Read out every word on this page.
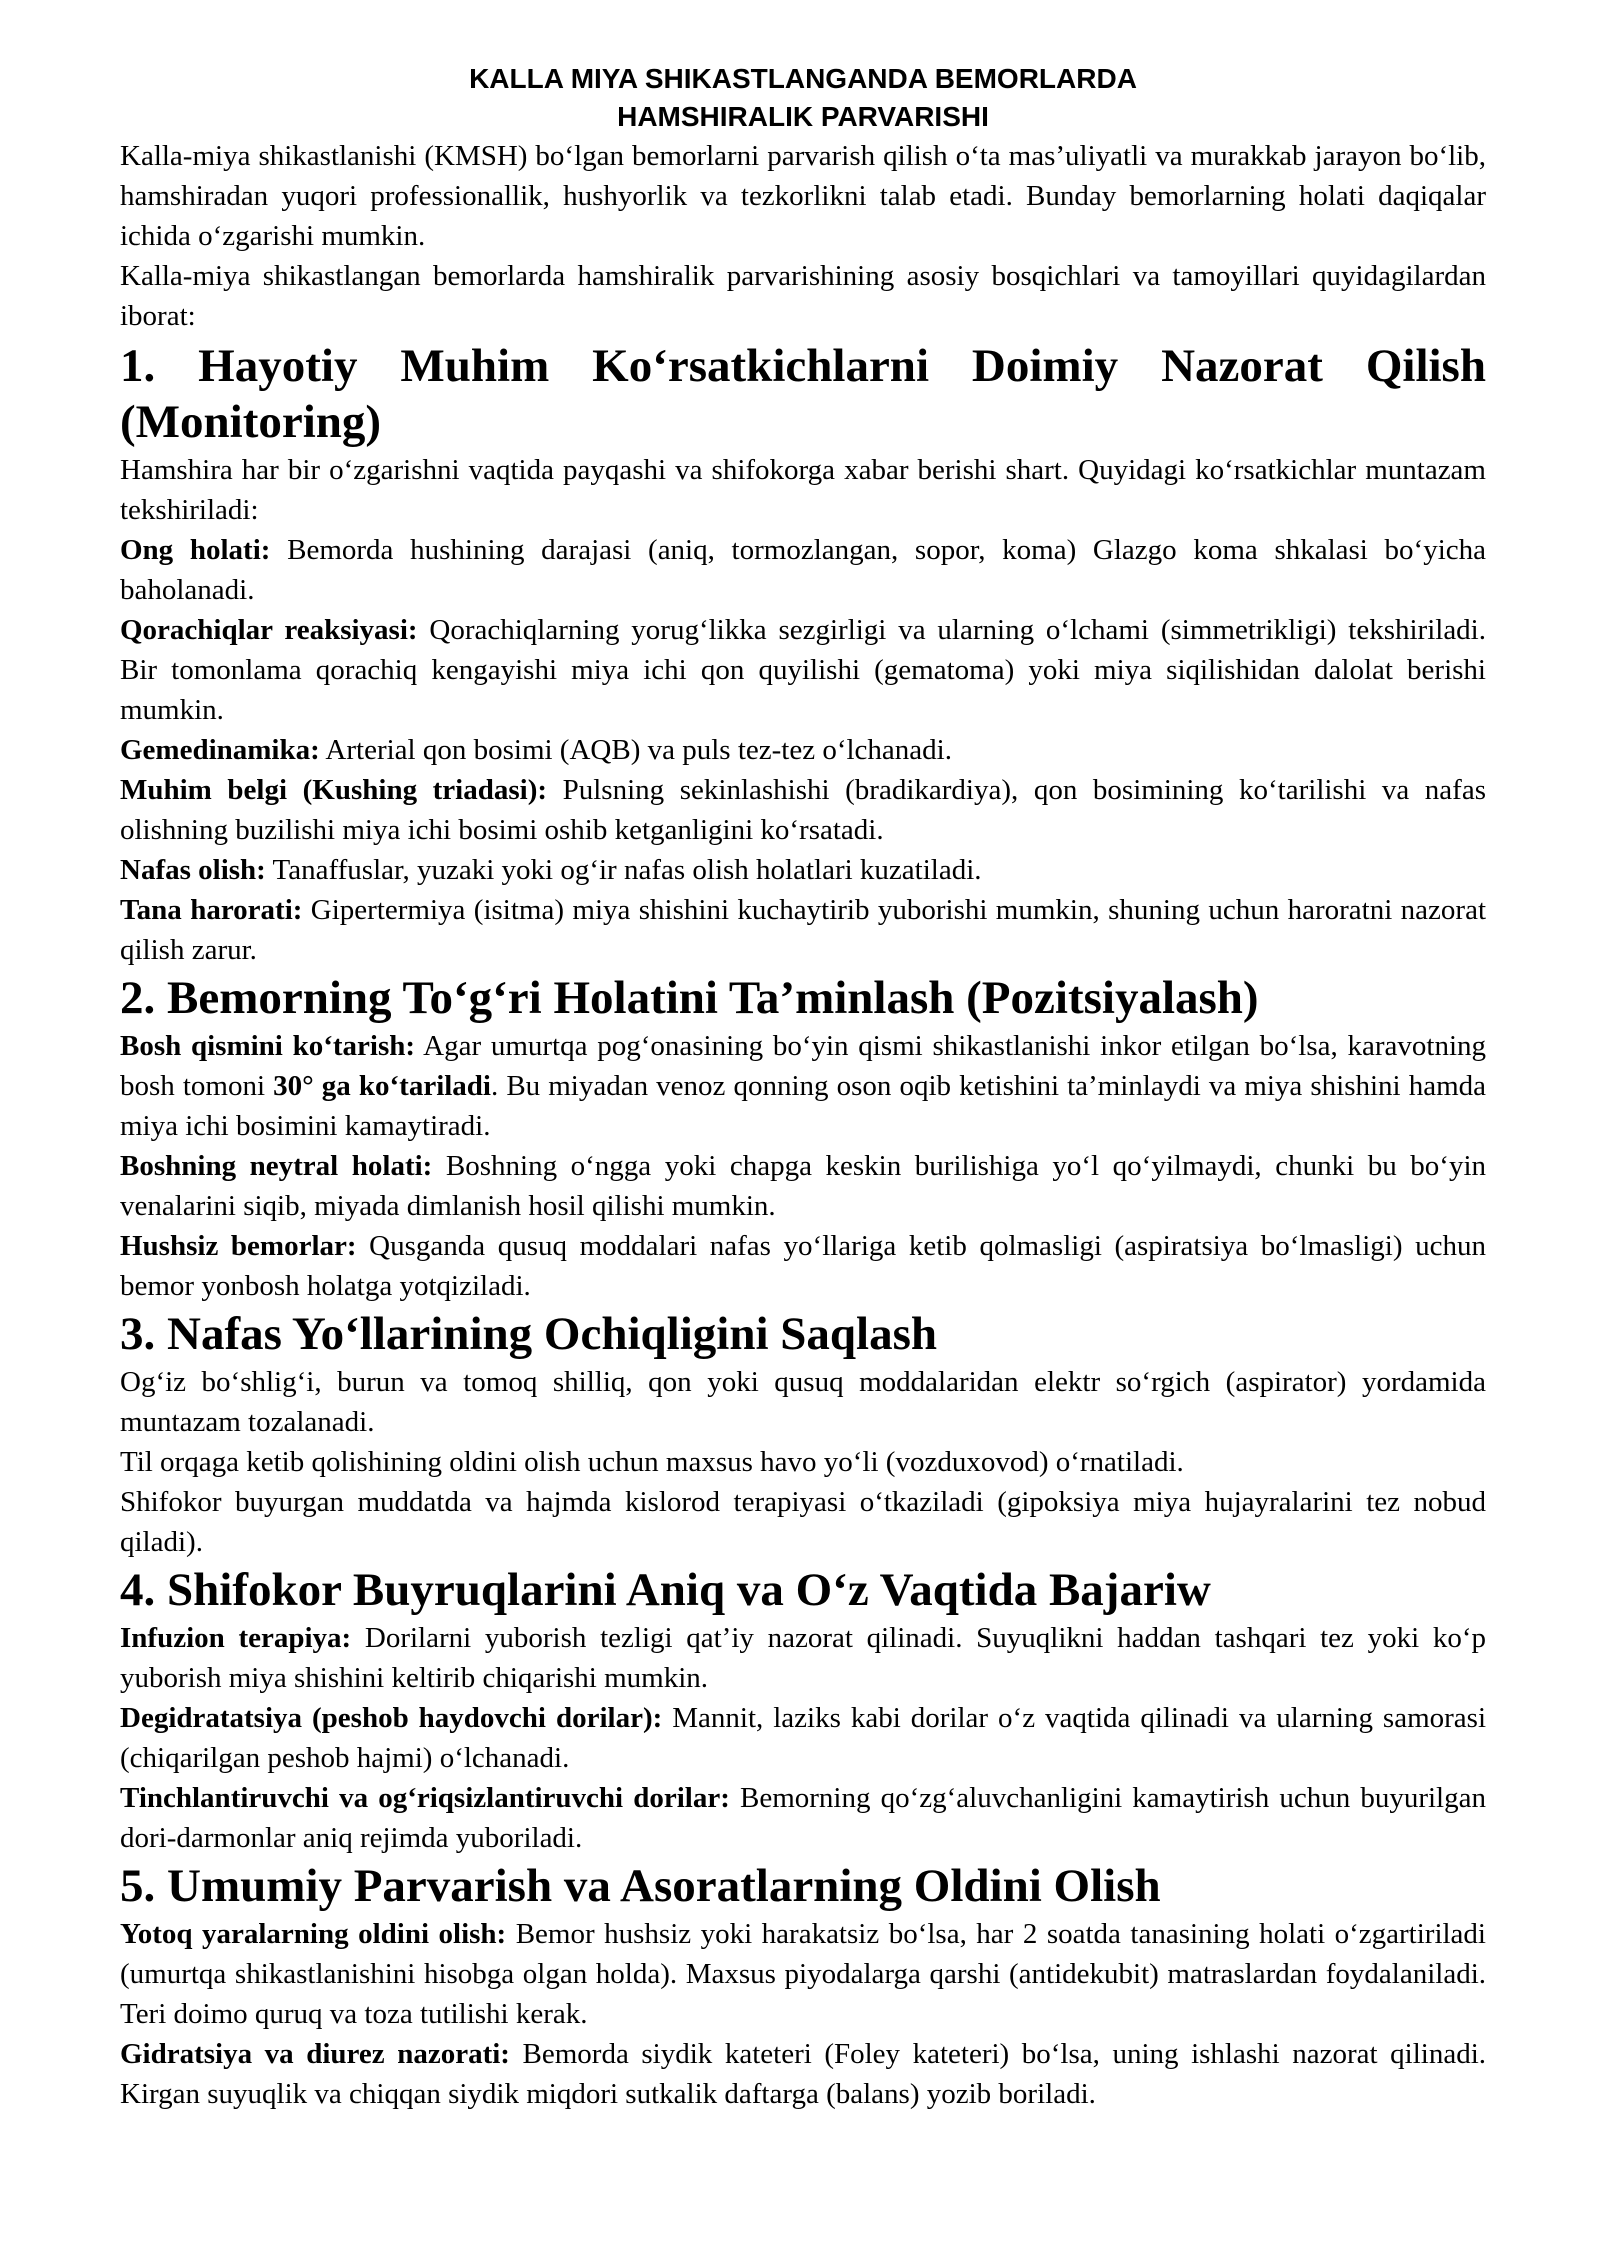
KALLA MIYA SHIKASTLANGANDA BEMORLARDA
HAMSHIRALIK PARVARISHI

Kalla-miya shikastlanishi (KMSH) bo‘lgan bemorlarni parvarish qilish o‘ta mas’uliyatli va murakkab jarayon bo‘lib, hamshiradan yuqori professionallik, hushyorlik va tezkorlikni talab etadi. Bunday bemorlarning holati daqiqalar ichida o‘zgarishi mumkin.

Kalla-miya shikastlangan bemorlarda hamshiralik parvarishining asosiy bosqichlari va tamoyillari quyidagilardan iborat:

1. Hayotiy Muhim Ko‘rsatkichlarni Doimiy Nazorat Qilish (Monitoring)

Hamshira har bir o‘zgarishni vaqtida payqashi va shifokorga xabar berishi shart. Quyidagi ko‘rsatkichlar muntazam tekshiriladi:

Ong holati: Bemorda hushining darajasi (aniq, tormozlangan, sopor, koma) Glazgo koma shkalasi bo‘yicha baholanadi.

Qorachiqlar reaksiyasi: Qorachiqlarning yorug‘likka sezgirligi va ularning o‘lchami (simmetrikligi) tekshiriladi. Bir tomonlama qorachiq kengayishi miya ichi qon quyilishi (gematoma) yoki miya siqilishidan dalolat berishi mumkin.

Gemedinamika: Arterial qon bosimi (AQB) va puls tez-tez o‘lchanadi.

Muhim belgi (Kushing triadasi): Pulsning sekinlashishi (bradikardiya), qon bosimining ko‘tarilishi va nafas olishning buzilishi miya ichi bosimi oshib ketganligini ko‘rsatadi.

Nafas olish: Tanaffuslar, yuzaki yoki og‘ir nafas olish holatlari kuzatiladi.

Tana harorati: Gipertermiya (isitma) miya shishini kuchaytirib yuborishi mumkin, shuning uchun haroratni nazorat qilish zarur.

2. Bemorning To‘g‘ri Holatini Ta’minlash (Pozitsiyalash)

Bosh qismini ko‘tarish: Agar umurtqa pog‘onasining bo‘yin qismi shikastlanishi inkor etilgan bo‘lsa, karavotning bosh tomoni 30° ga ko‘tariladi. Bu miyadan venoz qonning oson oqib ketishini ta’minlaydi va miya shishini hamda miya ichi bosimini kamaytiradi.

Boshning neytral holati: Boshning o‘ngga yoki chapga keskin burilishiga yo‘l qo‘yilmaydi, chunki bu bo‘yin venalarini siqib, miyada dimlanish hosil qilishi mumkin.

Hushsiz bemorlar: Qusganda qusuq moddalari nafas yo‘llariga ketib qolmasligi (aspiratsiya bo‘lmasligi) uchun bemor yonbosh holatga yotqiziladi.

3. Nafas Yo‘llarining Ochiqligini Saqlash

Og‘iz bo‘shlig‘i, burun va tomoq shilliq, qon yoki qusuq moddalaridan elektr so‘rgich (aspirator) yordamida muntazam tozalanadi.

Til orqaga ketib qolishining oldini olish uchun maxsus havo yo‘li (vozduxovod) o‘rnatiladi.

Shifokor buyurgan muddatda va hajmda kislorod terapiyasi o‘tkaziladi (gipoksiya miya hujayralarini tez nobud qiladi).

4. Shifokor Buyruqlarini Aniq va O‘z Vaqtida Bajariw

Infuzion terapiya: Dorilarni yuborish tezligi qat’iy nazorat qilinadi. Suyuqlikni haddan tashqari tez yoki ko‘p yuborish miya shishini keltirib chiqarishi mumkin.

Degidratatsiya (peshob haydovchi dorilar): Mannit, laziks kabi dorilar o‘z vaqtida qilinadi va ularning samorasi (chiqarilgan peshob hajmi) o‘lchanadi.

Tinchlantiruvchi va og‘riqsizlantiruvchi dorilar: Bemorning qo‘zg‘aluvchanligini kamaytirish uchun buyurilgan dori-darmonlar aniq rejimda yuboriladi.

5. Umumiy Parvarish va Asoratlarning Oldini Olish

Yotoq yaralarning oldini olish: Bemor hushsiz yoki harakatsiz bo‘lsa, har 2 soatda tanasining holati o‘zgartiriladi (umurtqa shikastlanishini hisobga olgan holda). Maxsus piyodalarga qarshi (antidekubit) matraslardan foydalaniladi. Teri doimo quruq va toza tutilishi kerak.

Gidratsiya va diurez nazorati: Bemorda siydik kateteri (Foley kateteri) bo‘lsa, uning ishlashi nazorat qilinadi. Kirgan suyuqlik va chiqqan siydik miqdori sutkalik daftarga (balans) yozib boriladi.
